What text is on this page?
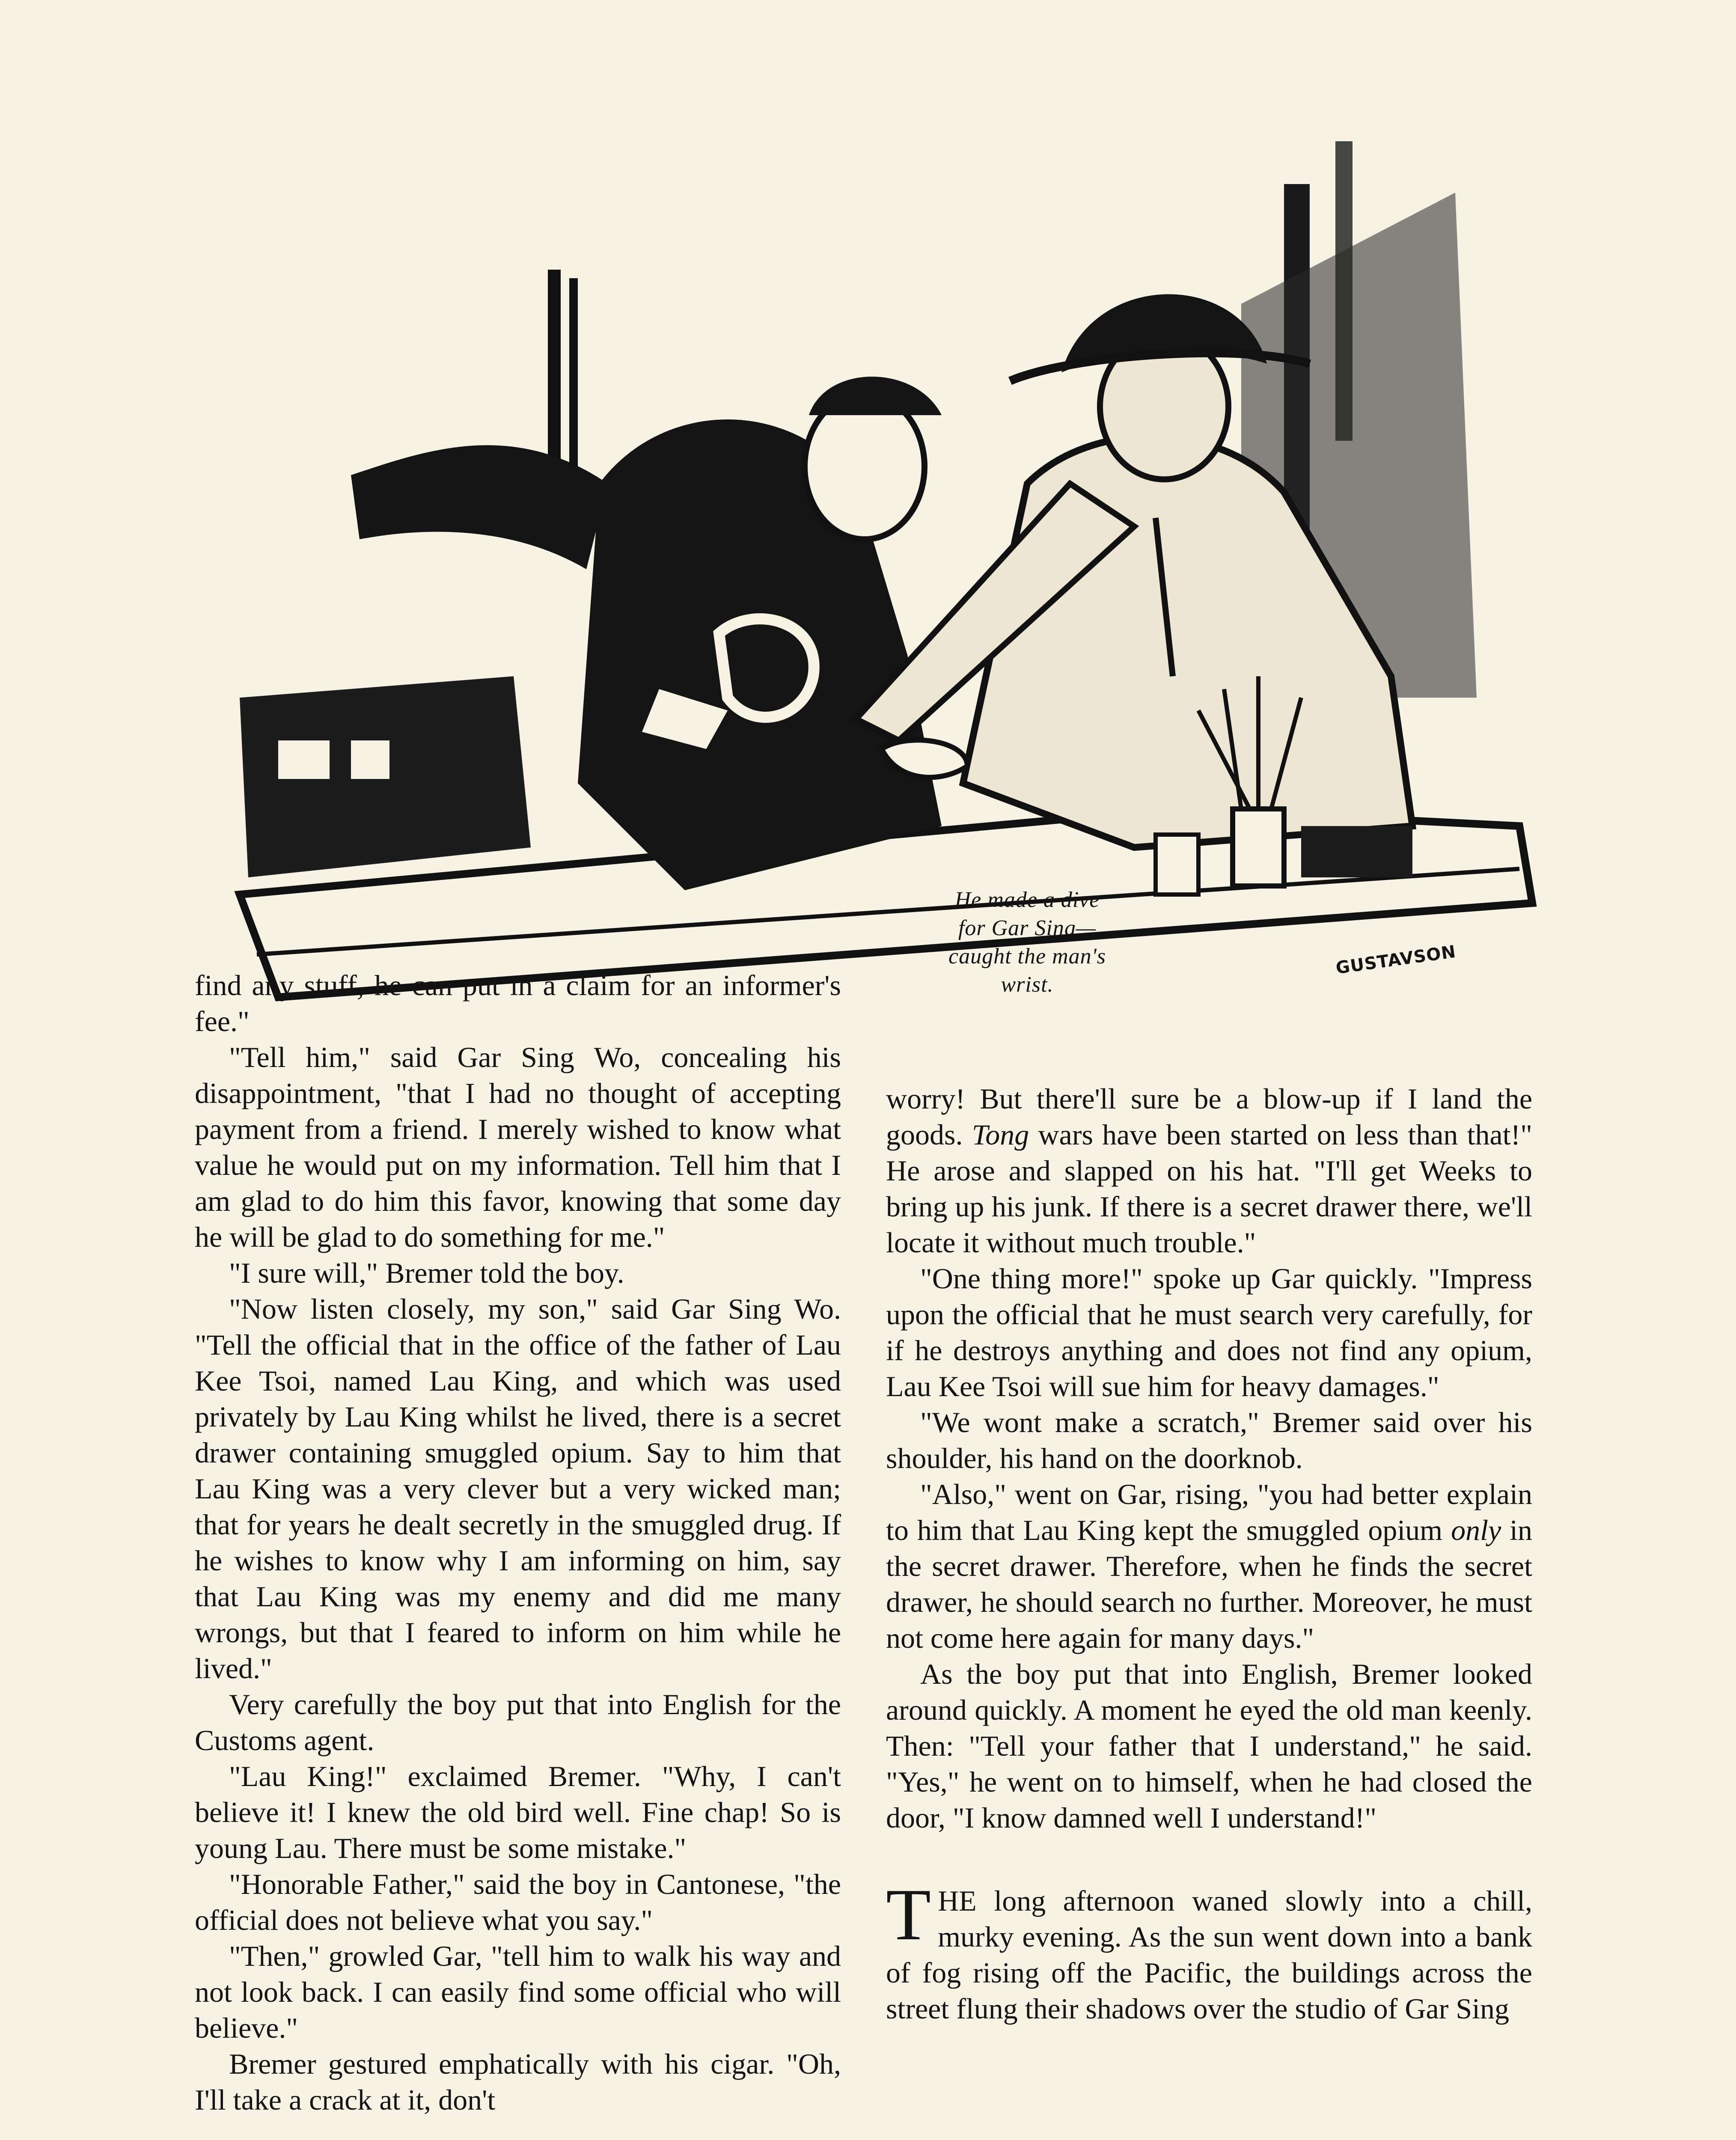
He made a dive
for Gar Sing—
caught the man's
wrist.
GUSTAVSON

find any stuff, he can put in a claim for an informer's fee."

"Tell him," said Gar Sing Wo, concealing his disappointment, "that I had no thought of accepting payment from a friend. I merely wished to know what value he would put on my information. Tell him that I am glad to do him this favor, knowing that some day he will be glad to do something for me."

"I sure will," Bremer told the boy.

"Now listen closely, my son," said Gar Sing Wo. "Tell the official that in the office of the father of Lau Kee Tsoi, named Lau King, and which was used privately by Lau King whilst he lived, there is a secret drawer containing smuggled opium. Say to him that Lau King was a very clever but a very wicked man; that for years he dealt secretly in the smuggled drug. If he wishes to know why I am informing on him, say that Lau King was my enemy and did me many wrongs, but that I feared to inform on him while he lived."

Very carefully the boy put that into English for the Customs agent.

"Lau King!" exclaimed Bremer. "Why, I can't believe it! I knew the old bird well. Fine chap! So is young Lau. There must be some mistake."

"Honorable Father," said the boy in Cantonese, "the official does not believe what you say."

"Then," growled Gar, "tell him to walk his way and not look back. I can easily find some official who will believe."

Bremer gestured emphatically with his cigar. "Oh, I'll take a crack at it, don't

worry! But there'll sure be a blow-up if I land the goods. Tong wars have been started on less than that!" He arose and slapped on his hat. "I'll get Weeks to bring up his junk. If there is a secret drawer there, we'll locate it without much trouble."

"One thing more!" spoke up Gar quickly. "Impress upon the official that he must search very carefully, for if he destroys anything and does not find any opium, Lau Kee Tsoi will sue him for heavy damages."

"We wont make a scratch," Bremer said over his shoulder, his hand on the doorknob.

"Also," went on Gar, rising, "you had better explain to him that Lau King kept the smuggled opium only in the secret drawer. Therefore, when he finds the secret drawer, he should search no further. Moreover, he must not come here again for many days."

As the boy put that into English, Bremer looked around quickly. A moment he eyed the old man keenly. Then: "Tell your father that I understand," he said. "Yes," he went on to himself, when he had closed the door, "I know damned well I understand!"

THE long afternoon waned slowly into a chill, murky evening. As the sun went down into a bank of fog rising off the Pacific, the buildings across the street flung their shadows over the studio of Gar Sing
